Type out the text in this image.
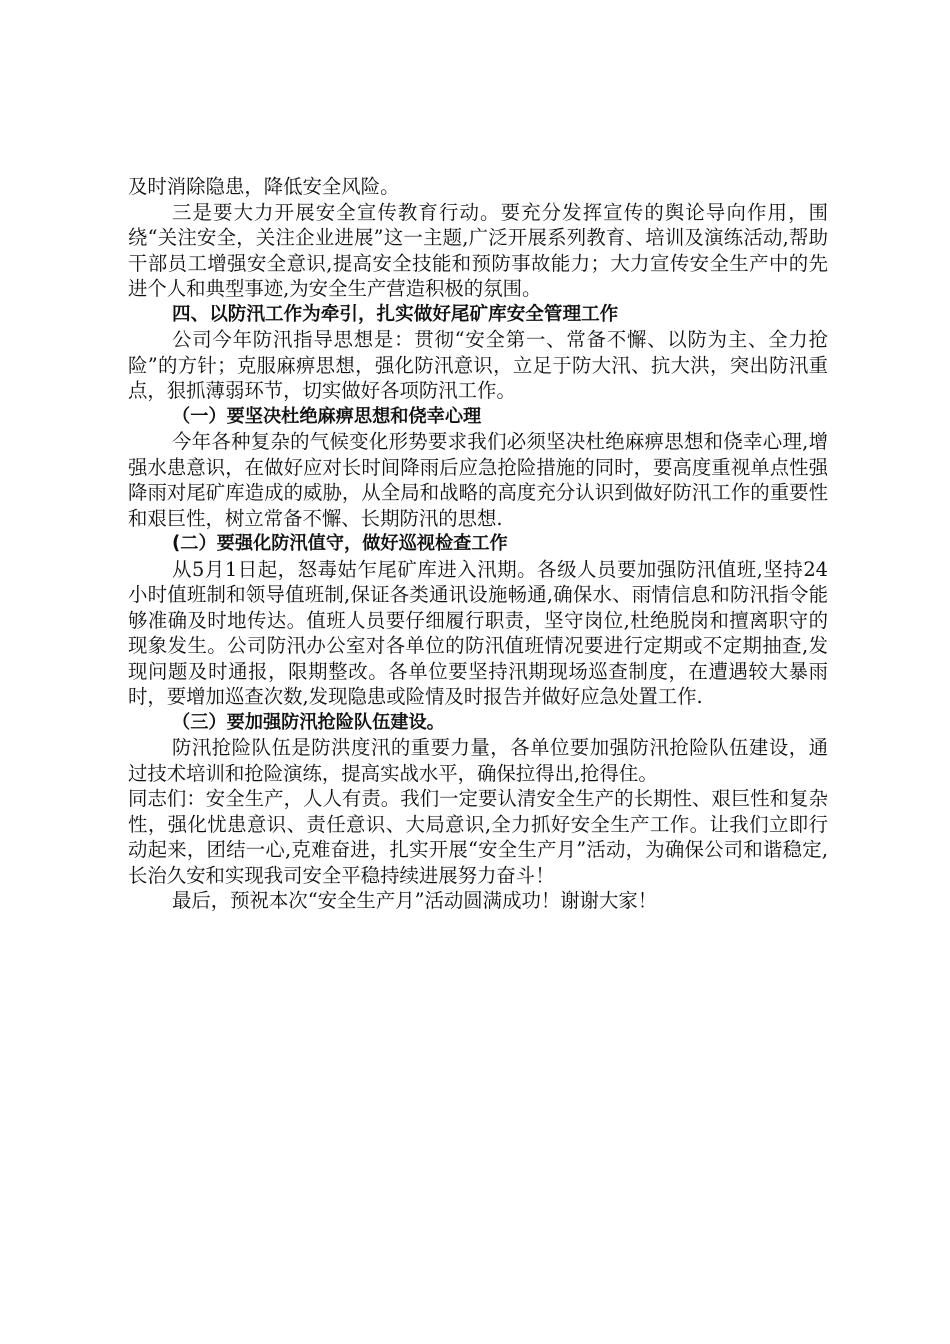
及时消除隐患，降低安全风险。

三是要大力开展安全宣传教育行动。要充分发挥宣传的舆论导向作用，围绕“关注安全，关注企业进展”这一主题,广泛开展系列教育、培训及演练活动,帮助干部员工增强安全意识,提高安全技能和预防事故能力；大力宣传安全生产中的先进个人和典型事迹,为安全生产营造积极的氛围。

四、以防汛工作为牵引，扎实做好尾矿库安全管理工作

公司今年防汛指导思想是：贯彻“安全第一、常备不懈、以防为主、全力抢险”的方针；克服麻痹思想，强化防汛意识，立足于防大汛、抗大洪，突出防汛重点，狠抓薄弱环节，切实做好各项防汛工作。

（一）要坚决杜绝麻痹思想和侥幸心理

今年各种复杂的气候变化形势要求我们必须坚决杜绝麻痹思想和侥幸心理,增强水患意识，在做好应对长时间降雨后应急抢险措施的同时，要高度重视单点性强降雨对尾矿库造成的威胁，从全局和战略的高度充分认识到做好防汛工作的重要性和艰巨性，树立常备不懈、长期防汛的思想.

(二）要强化防汛值守，做好巡视检查工作

从5月1日起，怒毒姑乍尾矿库进入汛期。各级人员要加强防汛值班,坚持24小时值班制和领导值班制,保证各类通讯设施畅通,确保水、雨情信息和防汛指令能够准确及时地传达。值班人员要仔细履行职责，坚守岗位,杜绝脱岗和擅离职守的现象发生。公司防汛办公室对各单位的防汛值班情况要进行定期或不定期抽查,发现问题及时通报，限期整改。各单位要坚持汛期现场巡查制度，在遭遇较大暴雨时，要增加巡查次数,发现隐患或险情及时报告并做好应急处置工作.

（三）要加强防汛抢险队伍建设。

防汛抢险队伍是防洪度汛的重要力量，各单位要加强防汛抢险队伍建设，通过技术培训和抢险演练，提高实战水平，确保拉得出,抢得住。

同志们：安全生产，人人有责。我们一定要认清安全生产的长期性、艰巨性和复杂性，强化忧患意识、责任意识、大局意识,全力抓好安全生产工作。让我们立即行动起来，团结一心,克难奋进，扎实开展“安全生产月”活动，为确保公司和谐稳定,长治久安和实现我司安全平稳持续进展努力奋斗！

最后，预祝本次“安全生产月”活动圆满成功！谢谢大家！
